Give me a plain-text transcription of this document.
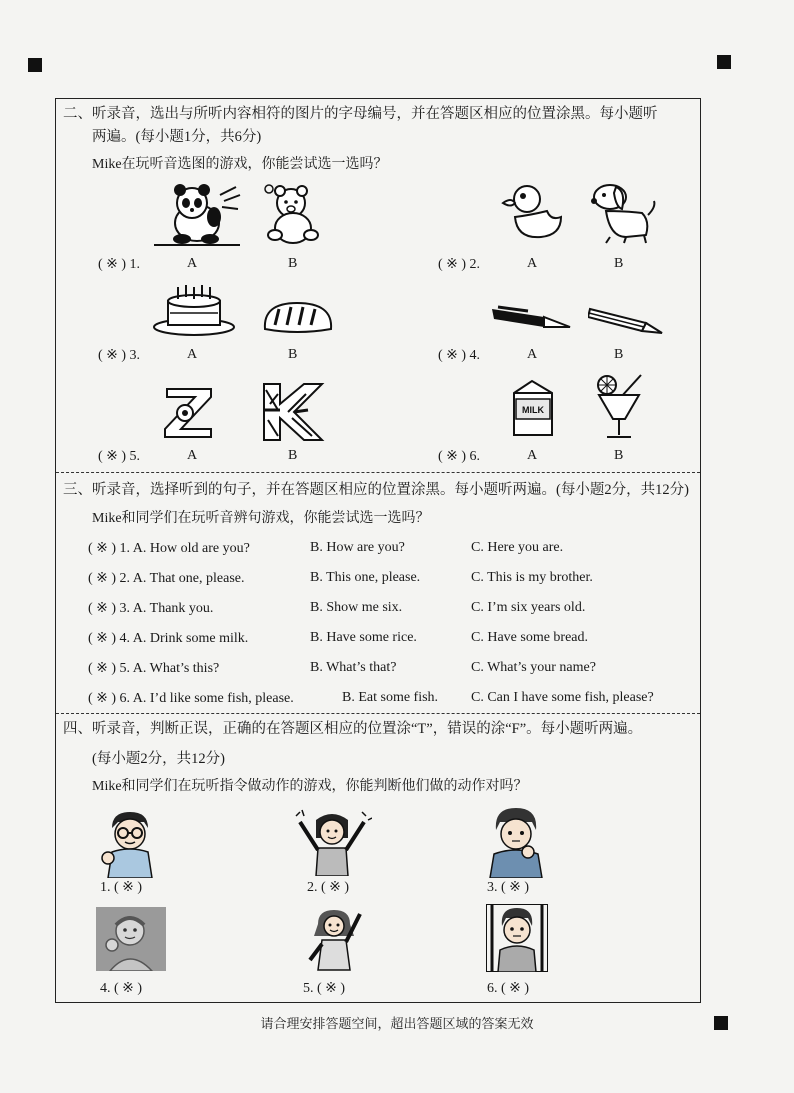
二、听录音，选出与所听内容相符的图片的字母编号，并在答题区相应的位置涂黑。每小题听
两遍。(每小题1分，共6分)
Mike在玩听音选图的游戏，你能尝试选一选吗？
( ※ ) 1.	A	B	( ※ ) 2.	A	B
( ※ ) 3.	A	B	( ※ ) 4.	A	B
( ※ ) 5.	A	B
MILK
( ※ ) 6.	A	B
三、听录音，选择听到的句子，并在答题区相应的位置涂黑。每小题听两遍。(每小题2分，共12分)
Mike和同学们在玩听音辨句游戏，你能尝试选一选吗？
( ※ ) 1. A. How old are you?	B. How are you?	C. Here you are.
( ※ ) 2. A. That one, please.	B. This one, please.	C. This is my brother.
( ※ ) 3. A. Thank you.	B. Show me six.	C. I’m six years old.
( ※ ) 4. A. Drink some milk.	B. Have some rice.	C. Have some bread.
( ※ ) 5. A. What’s this?	B. What’s that?	C. What’s your name?
( ※ ) 6. A. I’d like some fish, please.	B. Eat some fish. C. Can I have some fish, please?
四、听录音，判断正误，正确的在答题区相应的位置涂“T”，错误的涂“F”。每小题听两遍。
(每小题2分，共12分)
Mike和同学们在玩听指令做动作的游戏，你能判断他们做的动作对吗？
1. ( ※ )	2. ( ※ )	3. ( ※ )
4. ( ※ )	5. ( ※ )	6. ( ※ )
请合理安排答题空间，超出答题区域的答案无效
